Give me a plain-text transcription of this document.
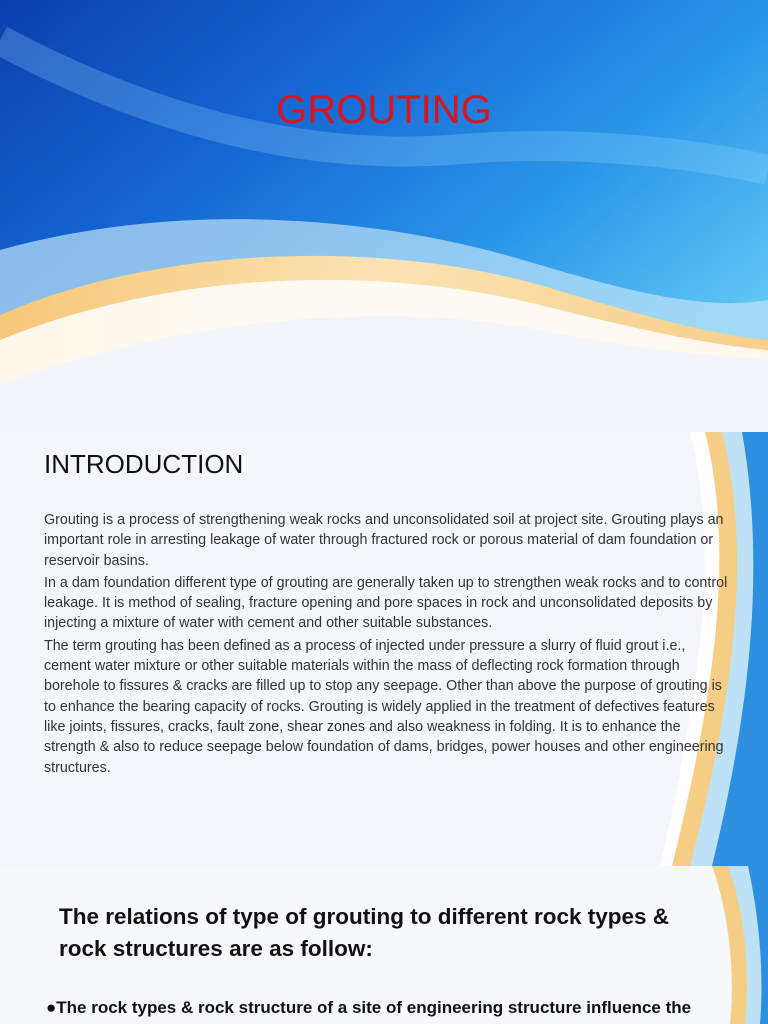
GROUTING
INTRODUCTION

Grouting is a process of strengthening weak rocks and unconsolidated soil at project site. Grouting plays an important role in arresting leakage of water through fractured rock or porous material of dam foundation or reservoir basins.

In a dam foundation different type of grouting are generally taken up to strengthen weak rocks and to control leakage. It is method of sealing, fracture opening and pore spaces in rock and unconsolidated deposits by injecting a mixture of water with cement and other suitable substances.

The term grouting has been defined as a process of injected under pressure a slurry of fluid grout i.e., cement water mixture or other suitable materials within the mass of deflecting rock formation through borehole to fissures & cracks are filled up to stop any seepage. Other than above the purpose of grouting is to enhance the bearing capacity of rocks. Grouting is widely applied in the treatment of defectives features like joints, fissures, cracks, fault zone, shear zones and also weakness in folding. It is to enhance the strength & also to reduce seepage below foundation of dams, bridges, power houses and other engineering structures.

The relations of type of grouting to different rock types & rock structures are as follow:
●The rock types & rock structure of a site of engineering structure influence the
